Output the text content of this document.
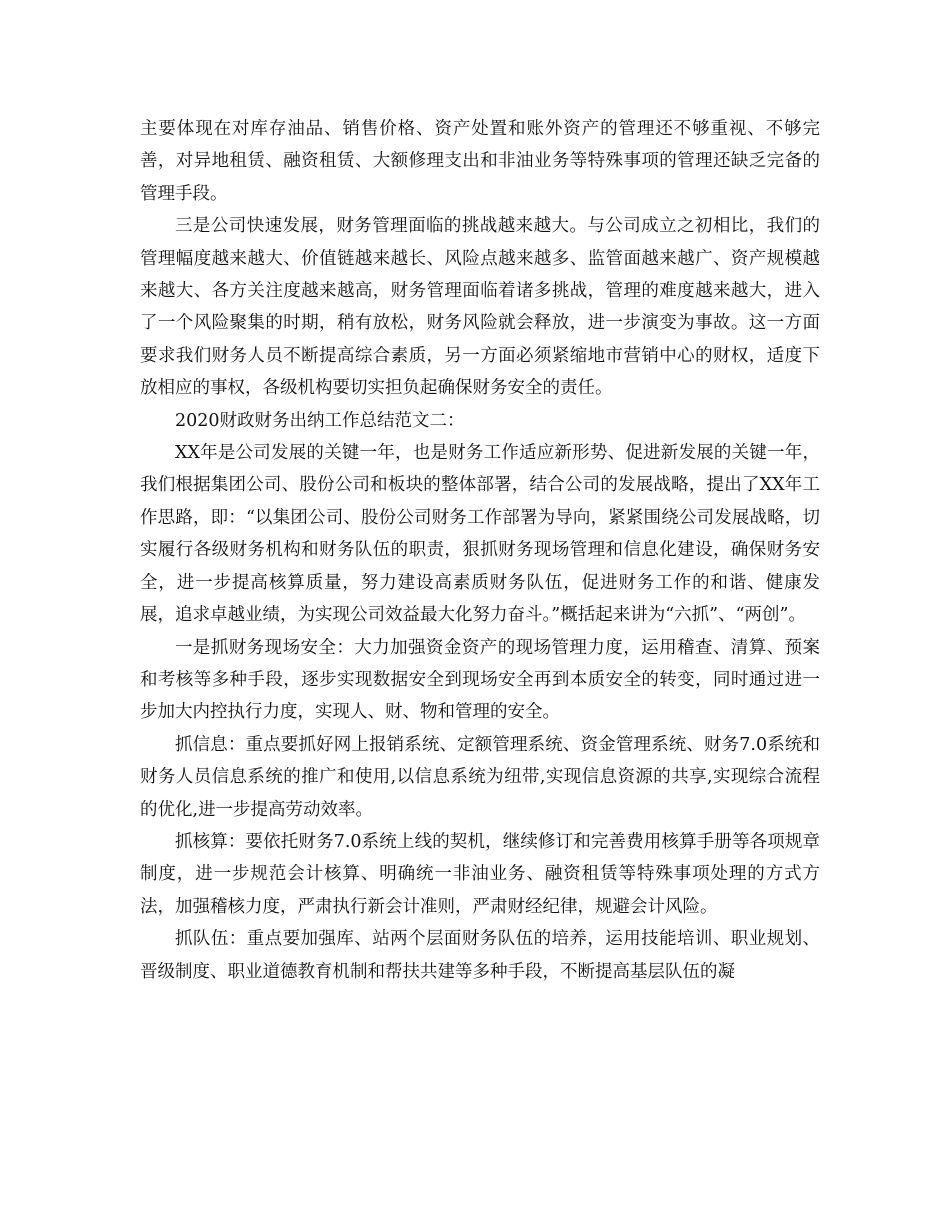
主要体现在对库存油品、销售价格、资产处置和账外资产的管理还不够重视、不够完善，对异地租赁、融资租赁、大额修理支出和非油业务等特殊事项的管理还缺乏完备的管理手段。

三是公司快速发展，财务管理面临的挑战越来越大。与公司成立之初相比，我们的管理幅度越来越大、价值链越来越长、风险点越来越多、监管面越来越广、资产规模越来越大、各方关注度越来越高，财务管理面临着诸多挑战，管理的难度越来越大，进入了一个风险聚集的时期，稍有放松，财务风险就会释放，进一步演变为事故。这一方面要求我们财务人员不断提高综合素质，另一方面必须紧缩地市营销中心的财权，适度下放相应的事权，各级机构要切实担负起确保财务安全的责任。

2020财政财务出纳工作总结范文二：

XX年是公司发展的关键一年，也是财务工作适应新形势、促进新发展的关键一年，我们根据集团公司、股份公司和板块的整体部署，结合公司的发展战略，提出了XX年工作思路，即：“以集团公司、股份公司财务工作部署为导向，紧紧围绕公司发展战略，切实履行各级财务机构和财务队伍的职责，狠抓财务现场管理和信息化建设，确保财务安全，进一步提高核算质量，努力建设高素质财务队伍，促进财务工作的和谐、健康发展，追求卓越业绩，为实现公司效益最大化努力奋斗。”概括起来讲为“六抓”、“两创”。

一是抓财务现场安全：大力加强资金资产的现场管理力度，运用稽查、清算、预案和考核等多种手段，逐步实现数据安全到现场安全再到本质安全的转变，同时通过进一步加大内控执行力度，实现人、财、物和管理的安全。

抓信息：重点要抓好网上报销系统、定额管理系统、资金管理系统、财务7.0系统和财务人员信息系统的推广和使用,以信息系统为纽带,实现信息资源的共享,实现综合流程的优化,进一步提高劳动效率。

抓核算：要依托财务7.0系统上线的契机，继续修订和完善费用核算手册等各项规章制度，进一步规范会计核算、明确统一非油业务、融资租赁等特殊事项处理的方式方法，加强稽核力度，严肃执行新会计准则，严肃财经纪律，规避会计风险。

抓队伍：重点要加强库、站两个层面财务队伍的培养，运用技能培训、职业规划、晋级制度、职业道德教育机制和帮扶共建等多种手段，不断提高基层队伍的凝
